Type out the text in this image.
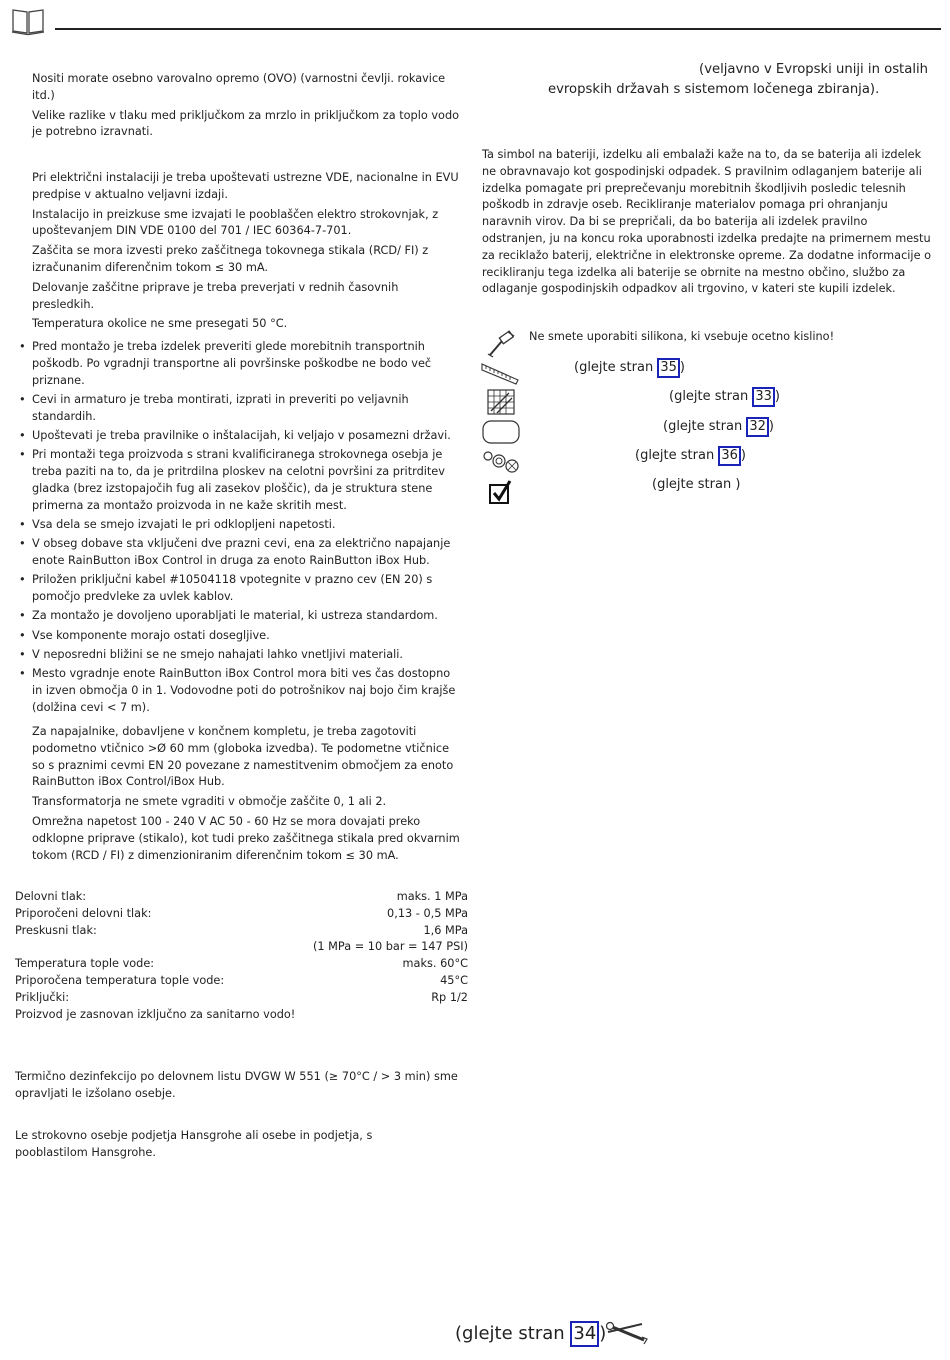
Nositi morate osebno varovalno opremo (OVO) (varnostni čevlji. rokavice itd.)

Velike razlike v tlaku med priključkom za mrzlo in priključkom za toplo vodo je potrebno izravnati.

Pri električni instalaciji je treba upoštevati ustrezne VDE, nacionalne in EVU predpise v aktualno veljavni izdaji.

Instalacijo in preizkuse sme izvajati le pooblaščen elektro strokovnjak, z upoštevanjem DIN VDE 0100 del 701 / IEC 60364-7-701.

Zaščita se mora izvesti preko zaščitnega tokovnega stikala (RCD/ FI) z izračunanim diferenčnim tokom ≤ 30 mA.

Delovanje zaščitne priprave je treba preverjati v rednih časovnih presledkih.

Temperatura okolice ne sme presegati 50 °C.

• Pred montažo je treba izdelek preveriti glede morebitnih transportnih poškodb. Po vgradnji transportne ali površinske poškodbe ne bodo več priznane.
• Cevi in armaturo je treba montirati, izprati in preveriti po veljavnih standardih.
• Upoštevati je treba pravilnike o inštalacijah, ki veljajo v posamezni državi.
• Pri montaži tega proizvoda s strani kvalificiranega strokovnega osebja je treba paziti na to, da je pritrdilna ploskev na celotni površini za pritrditev gladka (brez izstopajočih fug ali zasekov ploščic), da je struktura stene primerna za montažo proizvoda in ne kaže skritih mest.
• Vsa dela se smejo izvajati le pri odklopljeni napetosti.
• V obseg dobave sta vključeni dve prazni cevi, ena za električno napajanje enote RainButton iBox Control in druga za enoto RainButton iBox Hub.
• Priložen priključni kabel #10504118 vpotegnite v prazno cev (EN 20) s pomočjo predvleke za uvlek kablov.
• Za montažo je dovoljeno uporabljati le material, ki ustreza standardom.
• Vse komponente morajo ostati dosegljive.
• V neposredni bližini se ne smejo nahajati lahko vnetljivi materiali.
• Mesto vgradnje enote RainButton iBox Control mora biti ves čas dostopno in izven območja 0 in 1. Vodovodne poti do potrošnikov naj bojo čim krajše (dolžina cevi < 7 m).

Za napajalnike, dobavljene v končnem kompletu, je treba zagotoviti podometno vtičnico >Ø 60 mm (globoka izvedba). Te podometne vtičnice so s praznimi cevmi EN 20 povezane z namestitvenim območjem za enoto RainButton iBox Control/iBox Hub.

Transformatorja ne smete vgraditi v območje zaščite 0, 1 ali 2.

Omrežna napetost 100 - 240 V AC 50 - 60 Hz se mora dovajati preko odklopne priprave (stikalo), kot tudi preko zaščitnega stikala pred okvarnim tokom (RCD / FI) z dimenzioniranim diferenčnim tokom ≤ 30 mA.

Delovni tlak:	maks. 1 MPa
Priporočeni delovni tlak:	0,13 - 0,5 MPa
Preskusni tlak:	1,6 MPa
(1 MPa = 10 bar = 147 PSI)
Temperatura tople vode:	maks. 60°C
Priporočena temperatura tople vode:	45°C
Priključki:	Rp 1/2
Proizvod je zasnovan izključno za sanitarno vodo!
Termično dezinfekcijo po delovnem listu DVGW W 551 (≥ 70°C / > 3 min) sme opravljati le izšolano osebje.
Le strokovno osebje podjetja Hansgrohe ali osebe in podjetja, s pooblastilom Hansgrohe.
(veljavno v Evropski uniji in ostalih
evropskih državah s sistemom ločenega zbiranja).
Ta simbol na bateriji, izdelku ali embalaži kaže na to, da se baterija ali izdelek ne obravnavajo kot gospodinjski odpadek. S pravilnim odlaganjem baterije ali izdelka pomagate pri preprečevanju morebitnih škodljivih posledic telesnih poškodb in zdravje oseb. Recikliranje materialov pomaga pri ohranjanju naravnih virov. Da bi se prepričali, da bo baterija ali izdelek pravilno odstranjen, ju na koncu roka uporabnosti izdelka predajte na primernem mestu za reciklažo baterij, električne in elektronske opreme. Za dodatne informacije o recikliranju tega izdelka ali baterije se obrnite na mestno občino, službo za odlaganje gospodinjskih odpadkov ali trgovino, v kateri ste kupili izdelek.
Ne smete uporabiti silikona, ki vsebuje ocetno kislino!
(glejte stran 35 )
(glejte stran 33 )
(glejte stran 32 )
(glejte stran 36 )
(glejte stran )
(glejte stran 34 )
